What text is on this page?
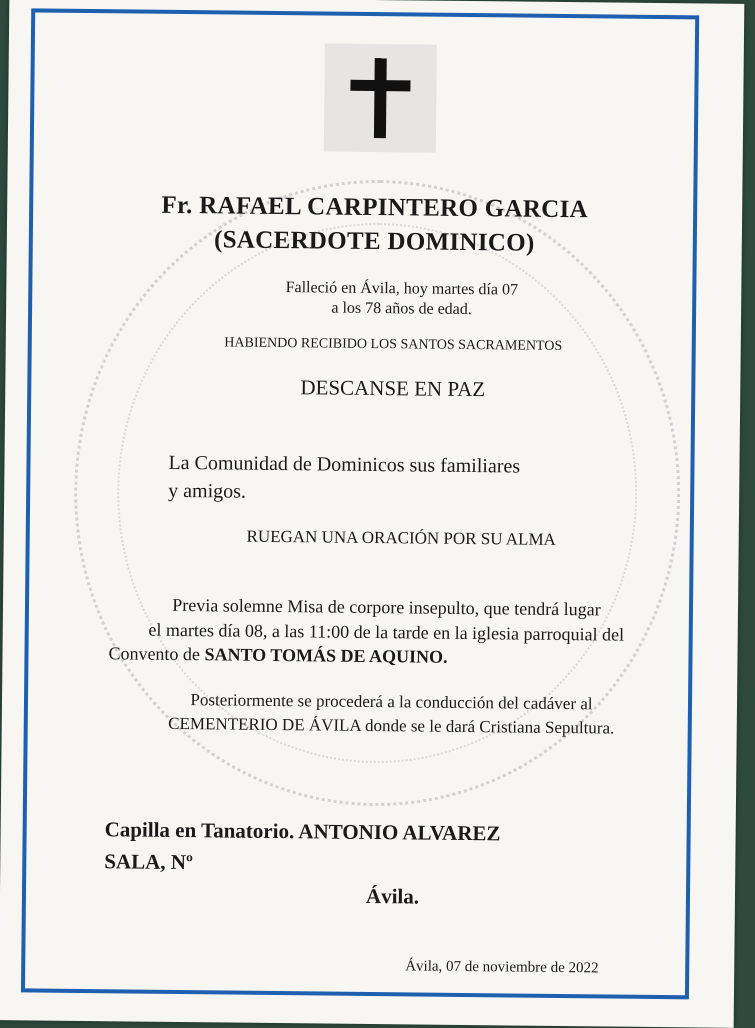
Fr. RAFAEL CARPINTERO GARCIA
(SACERDOTE DOMINICO)
Falleció en Ávila, hoy martes día 07
a los 78 años de edad.
HABIENDO RECIBIDO LOS SANTOS SACRAMENTOS
DESCANSE EN PAZ
La Comunidad de Dominicos sus familiares
y amigos.
RUEGAN UNA ORACIÓN POR SU ALMA
Previa solemne Misa de corpore insepulto, que tendrá lugar
el martes día 08, a las 11:00 de la tarde en la iglesia parroquial del
Convento de SANTO TOMÁS DE AQUINO.
Posteriormente se procederá a la conducción del cadáver al
CEMENTERIO DE ÁVILA donde se le dará Cristiana Sepultura.
Capilla en Tanatorio. ANTONIO ALVAREZ
SALA, Nº
Ávila.
Ávila, 07 de noviembre de 2022
